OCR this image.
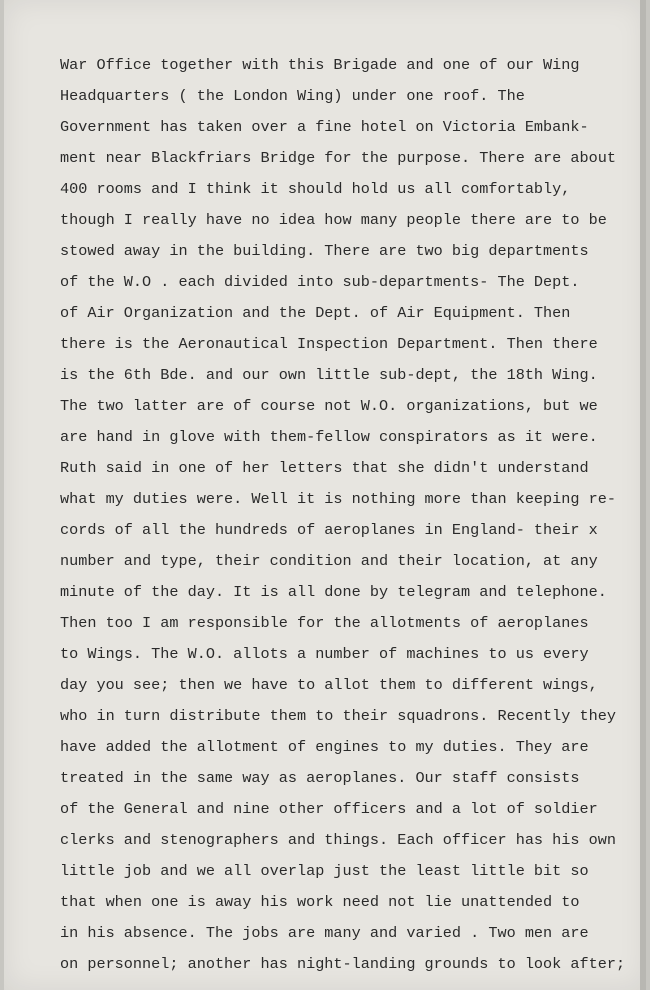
War Office together with this Brigade and one of our Wing
Headquarters ( the London Wing) under one roof. The
Government has taken over a fine hotel on Victoria Embank-
ment near Blackfriars Bridge for the purpose. There are about
400 rooms and I think it should hold us all comfortably,
though I really have no idea how many people there are to be
stowed away in the building. There are two big departments
of the W.O . each divided into sub-departments- The Dept.
of Air Organization and the Dept. of Air Equipment. Then
there is the Aeronautical Inspection Department. Then there
is the 6th Bde. and our own little sub-dept, the 18th Wing.
The two latter are of course not W.O. organizations, but we
are hand in glove with them-fellow conspirators as it were.
Ruth said in one of her letters that she didn't understand
what my duties were. Well it is nothing more than keeping re-
cords of all the hundreds of aeroplanes in England- their x
number and type, their condition and their location, at any
minute of the day. It is all done by telegram and telephone.
Then too I am responsible for the allotments of aeroplanes
to Wings. The W.O. allots a number of machines to us every
day you see; then we have to allot them to different wings,
who in turn distribute them to their squadrons. Recently they
have added the allotment of engines to my duties. They are
treated in the same way as aeroplanes. Our staff consists
of the General and nine other officers and a lot of soldier
clerks and stenographers and things. Each officer has his own
little job and we all overlap just the least little bit so
that when one is away his work need not lie unattended to
in his absence. The jobs are many and varied . Two men are
on personnel; another has night-landing grounds to look after;
